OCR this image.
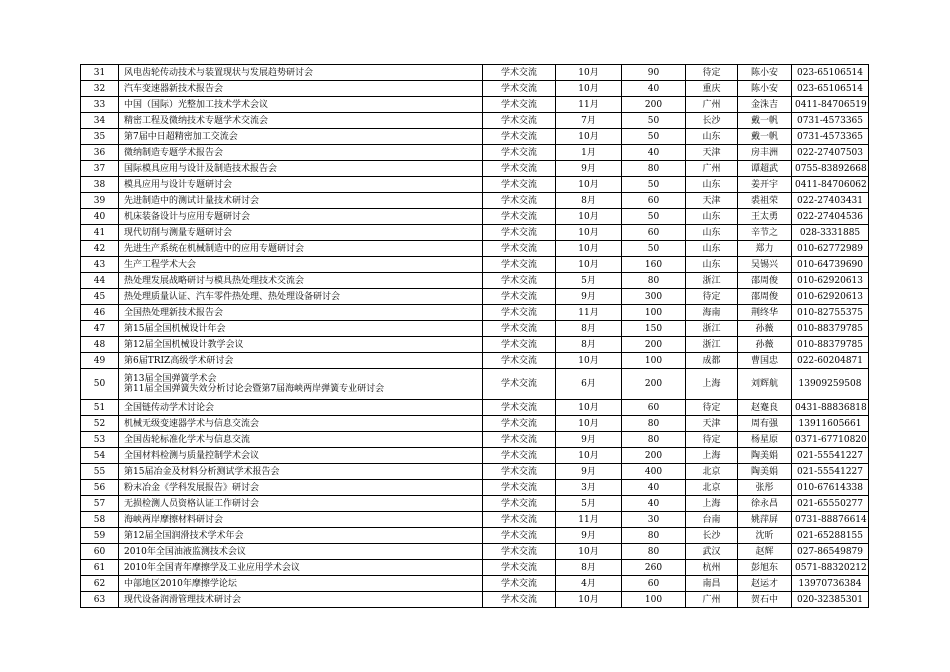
31	风电齿轮传动技术与装置现状与发展趋势研讨会	学术交流	10月	90	待定	陈小安	023-65106514
32	汽车变速器新技术报告会	学术交流	10月	40	重庆	陈小安	023-65106514
33	中国（国际）光整加工技术学术会议	学术交流	11月	200	广州	金洙吉	0411-84706519
34	精密工程及微纳技术专题学术交流会	学术交流	7月	50	长沙	戴一帆	0731-4573365
35	第7届中日超精密加工交流会	学术交流	10月	50	山东	戴一帆	0731-4573365
36	微纳制造专题学术报告会	学术交流	1月	40	天津	房丰洲	022-27407503
37	国际模具应用与设计及制造技术报告会	学术交流	9月	80	广州	谭超武	0755-83892668
38	模具应用与设计专题研讨会	学术交流	10月	50	山东	姜开宇	0411-84706062
39	先进制造中的测试计量技术研讨会	学术交流	8月	60	天津	裘祖荣	022-27403431
40	机床装备设计与应用专题研讨会	学术交流	10月	50	山东	王太勇	022-27404536
41	现代切削与测量专题研讨会	学术交流	10月	60	山东	辛节之	028-3331885
42	先进生产系统在机械制造中的应用专题研讨会	学术交流	10月	50	山东	郑力	010-62772989
43	生产工程学术大会	学术交流	10月	160	山东	吴锡兴	010-64739690
44	热处理发展战略研讨与模具热处理技术交流会	学术交流	5月	80	浙江	邵周俊	010-62920613
45	热处理质量认证、汽车零件热处理、热处理设备研讨会	学术交流	9月	300	待定	邵周俊	010-62920613
46	全国热处理新技术报告会	学术交流	11月	100	海南	荆终华	010-82755375
47	第15届全国机械设计年会	学术交流	8月	150	浙江	孙薇	010-88379785
48	第12届全国机械设计教学会议	学术交流	8月	200	浙江	孙薇	010-88379785
49	第6届TRIZ高级学术研讨会	学术交流	10月	100	成都	曹国忠	022-60204871
50	第13届全国弹簧学术会
第11届全国弹簧失效分析讨论会暨第7届海峡两岸弹簧专业研讨会	学术交流	6月	200	上海	刘辉航	13909259508
51	全国链传动学术讨论会	学术交流	10月	60	待定	赵蹇良	0431-88836818
52	机械无级变速器学术与信息交流会	学术交流	10月	80	天津	周有强	13911605661
53	全国齿轮标准化学术与信息交流	学术交流	9月	80	待定	杨星原	0371-67710820
54	全国材料检测与质量控制学术会议	学术交流	10月	200	上海	陶美娟	021-55541227
55	第15届冶金及材料分析测试学术报告会	学术交流	9月	400	北京	陶美娟	021-55541227
56	粉末冶金《学科发展报告》研讨会	学术交流	3月	40	北京	张彤	010-67614338
57	无损检测人员资格认证工作研讨会	学术交流	5月	40	上海	徐永昌	021-65550277
58	海峡两岸摩擦材料研讨会	学术交流	11月	30	台南	姚萍屏	0731-88876614
59	第12届全国润滑技术学术年会	学术交流	9月	80	长沙	沈昕	021-65288155
60	2010年全国油液监测技术会议	学术交流	10月	80	武汉	赵辉	027-86549879
61	2010年全国青年摩擦学及工业应用学术会议	学术交流	8月	260	杭州	彭旭东	0571-88320212
62	中部地区2010年摩擦学论坛	学术交流	4月	60	南昌	赵运才	13970736384
63	现代设备润滑管理技术研讨会	学术交流	10月	100	广州	贺石中	020-32385301
